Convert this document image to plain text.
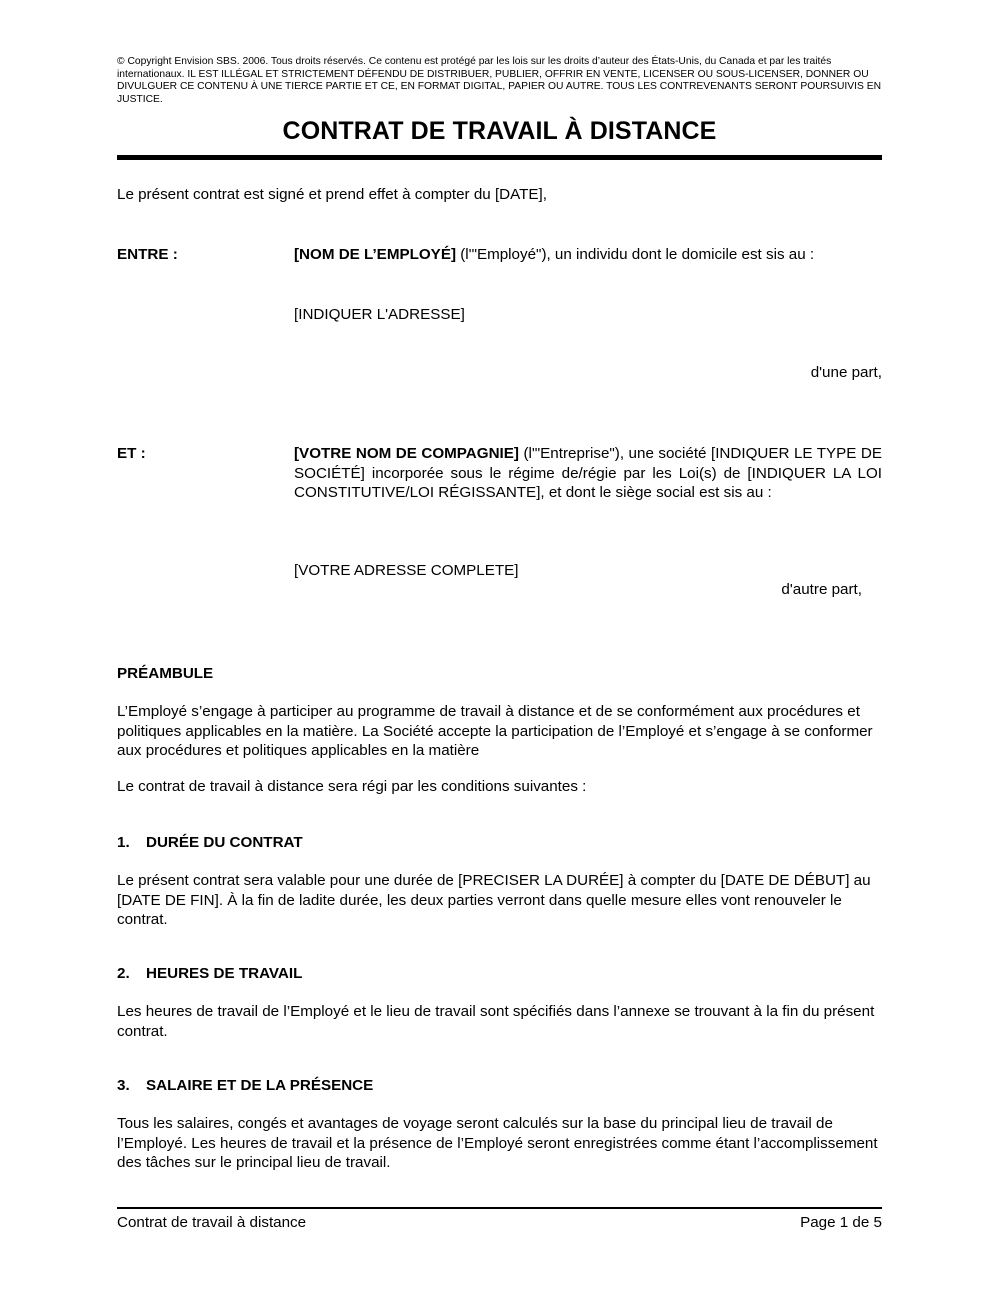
© Copyright Envision SBS. 2006. Tous droits réservés. Ce contenu est protégé par les lois sur les droits d’auteur des États-Unis, du Canada et par les traités internationaux. IL EST ILLÉGAL ET STRICTEMENT DÉFENDU DE DISTRIBUER, PUBLIER, OFFRIR EN VENTE, LICENSER OU SOUS-LICENSER, DONNER OU DIVULGUER CE CONTENU À UNE TIERCE PARTIE ET CE, EN FORMAT DIGITAL, PAPIER OU AUTRE. TOUS LES CONTREVENANTS SERONT POURSUIVIS EN JUSTICE.
CONTRAT DE TRAVAIL À DISTANCE
Le présent contrat est signé et prend effet à compter du [DATE],
ENTRE :	[NOM DE L’EMPLOYÉ] (l'"Employé"), un individu dont le domicile est sis au :
[INDIQUER L'ADRESSE]
d'une part,
ET :	[VOTRE NOM DE COMPAGNIE] (l'"Entreprise"), une société [INDIQUER LE TYPE DE SOCIÉTÉ] incorporée sous le régime de/régie par les Loi(s) de [INDIQUER LA LOI CONSTITUTIVE/LOI RÉGISSANTE], et dont le siège social est sis au :
[VOTRE ADRESSE COMPLETE]
d'autre part,
PRÉAMBULE
L’Employé s’engage à participer au programme de travail à distance et de se conformément aux procédures et politiques applicables en la matière. La Société accepte la participation de l’Employé et s’engage à se conformer aux procédures et politiques applicables en la matière
Le contrat de travail à distance sera régi par les conditions suivantes :
1. DURÉE DU CONTRAT
Le présent contrat sera valable pour une durée de [PRECISER LA DURÉE] à compter du [DATE DE DÉBUT] au [DATE DE FIN]. À la fin de ladite durée, les deux parties verront dans quelle mesure elles vont renouveler le contrat.
2. HEURES DE TRAVAIL
Les heures de travail de l’Employé et le lieu de travail sont spécifiés dans l’annexe se trouvant à la fin du présent contrat.
3. SALAIRE ET DE LA PRÉSENCE
Tous les salaires, congés et avantages de voyage seront calculés sur la base du principal lieu de travail de l’Employé. Les heures de travail et la présence de l’Employé seront enregistrées comme étant l’accomplissement des tâches sur le principal lieu de travail.
Contrat de travail à distance	Page 1 de 5
